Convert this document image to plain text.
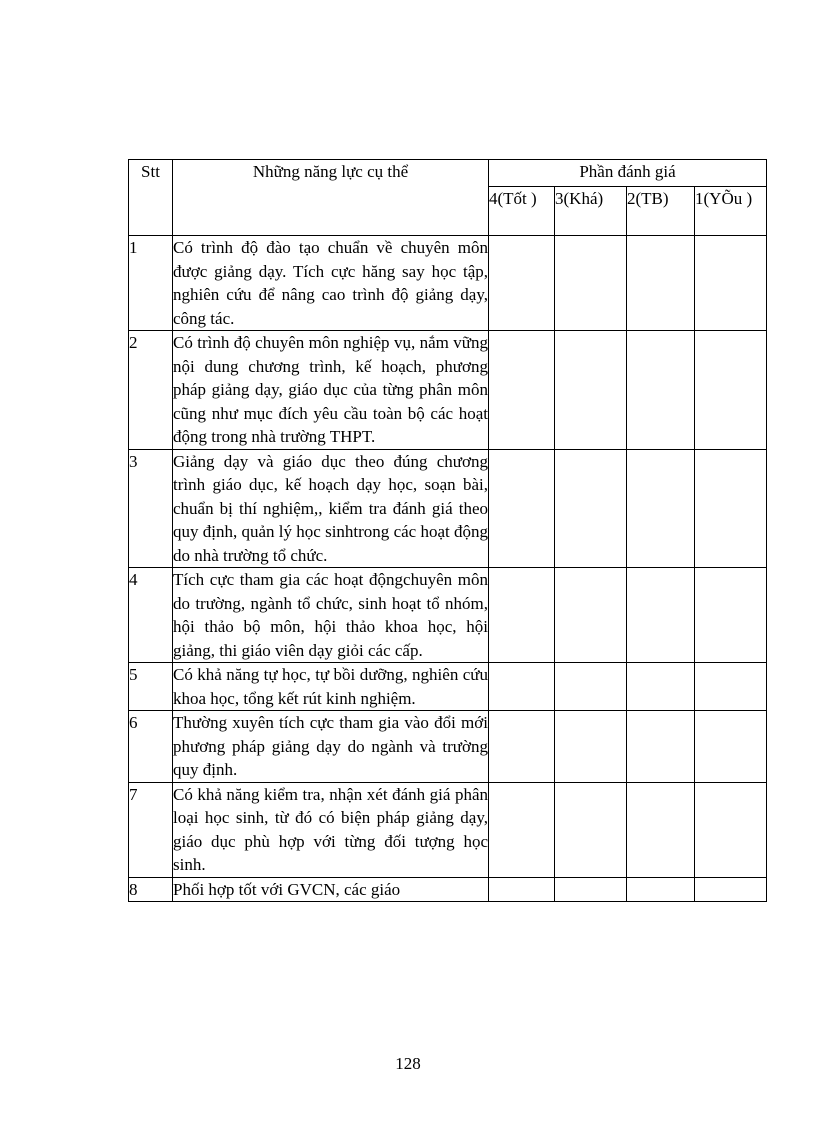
Stt	Những năng lực cụ thể	Phần đánh giá			
		4(Tốt )	3(Khá)	2(TB)	1(YÕu )
1	Có trình độ đào tạo chuẩn về chuyên môn được giảng dạy. Tích cực hăng say học tập, nghiên cứu để nâng cao trình độ giảng dạy, công tác.				
2	Có trình độ chuyên môn nghiệp vụ, nắm vững nội dung chương trình, kế hoạch, phương pháp giảng dạy, giáo dục của từng phân môn cũng như mục đích yêu cầu toàn bộ các hoạt động trong nhà trường THPT.				
3	Giảng dạy và giáo dục theo đúng chương trình giáo dục, kế hoạch dạy học, soạn bài, chuẩn bị thí nghiệm,, kiểm tra đánh giá theo quy định, quản lý học sinhtrong các hoạt động do nhà trường tổ chức.				
4	Tích cực tham gia các hoạt độngchuyên môn do trường, ngành tổ chức, sinh hoạt tổ nhóm, hội thảo bộ môn, hội thảo khoa học, hội giảng, thi giáo viên dạy giỏi các cấp.				
5	Có khả năng tự học, tự bồi dưỡng, nghiên cứu khoa học, tổng kết rút kinh nghiệm.				
6	Thường xuyên tích cực tham gia vào đổi mới phương pháp giảng dạy do ngành và trường quy định.				
7	Có khả năng kiểm tra, nhận xét đánh giá phân loại học sinh, từ đó có biện pháp giảng dạy, giáo dục phù hợp với từng đối tượng học sinh.				
8	Phối hợp tốt với GVCN, các giáo				
128
